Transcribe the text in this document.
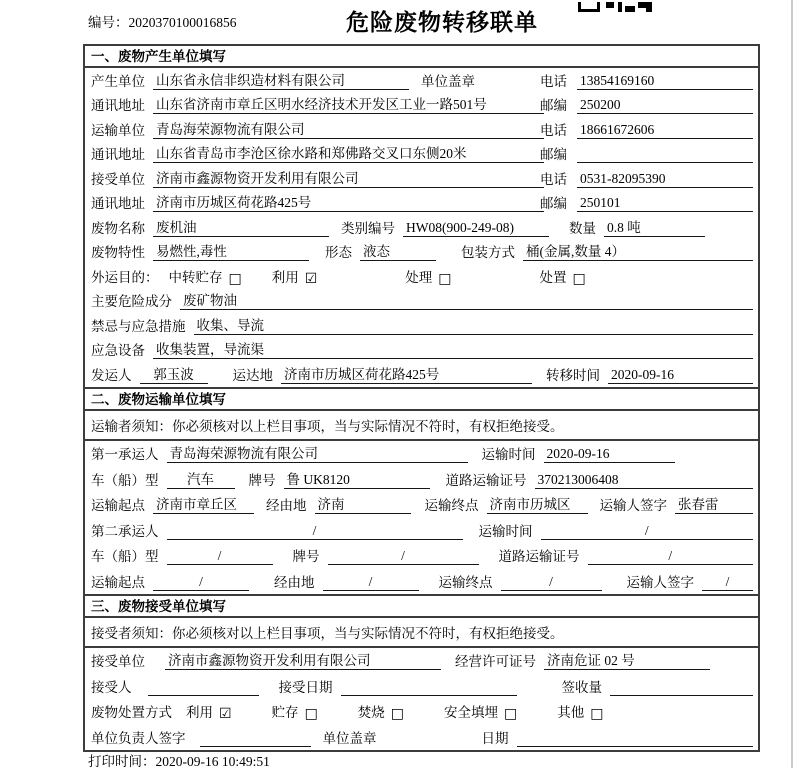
编号：2020370100016856	危险废物转移联单
一、废物产生单位填写
产生单位 山东省永信非织造材料有限公司	单位盖章	电话 13854169160
通讯地址 山东省济南市章丘区明水经济技术开发区工业一路501号	邮编 250200
运输单位 青岛海荣源物流有限公司	电话 18661672606
通讯地址 山东省青岛市李沧区徐水路和郑佛路交叉口东侧20米	邮编
接受单位 济南市鑫源物资开发利用有限公司	电话 0531-82095390
通讯地址 济南市历城区荷花路425号	邮编 250101
废物名称 废机油	类别编号 HW08(900-249-08)	数量 0.8 吨
废物特性 易燃性,毒性	形态 液态	包装方式 桶(金属,数量 4）
外运目的： 中转贮存 □ 利用 ☑	处理 □	处置 □
主要危险成分 废矿物油
禁忌与应急措施 收集、导流
应急设备 收集装置，导流渠
发运人	郭玉波	运达地 济南市历城区荷花路425号	转移时间 2020-09-16
二、废物运输单位填写
运输者须知：你必须核对以上栏目事项，当与实际情况不符时，有权拒绝接受。
第一承运人 青岛海荣源物流有限公司	运输时间 2020-09-16
车（船）型	汽车	牌号 鲁 UK8120	道路运输证号 370213006408
运输起点 济南市章丘区	经由地 济南	运输终点 济南市历城区	运输人签字 张春雷
第二承运人	/	运输时间	/
车（船）型	/	牌号	/	道路运输证号	/
运输起点	/	经由地	/	运输终点	/	运输人签字	/
三、废物接受单位填写
接受者须知：你必须核对以上栏目事项，当与实际情况不符时，有权拒绝接受。
接受单位 济南市鑫源物资开发利用有限公司	经营许可证号 济南危证 02 号
接受人	接受日期	签收量
废物处置方式 利用 ☑	贮存 □	焚烧 □	安全填埋 □	其他 □
单位负责人签字	单位盖章	日期
打印时间：2020-09-16 10:49:51
